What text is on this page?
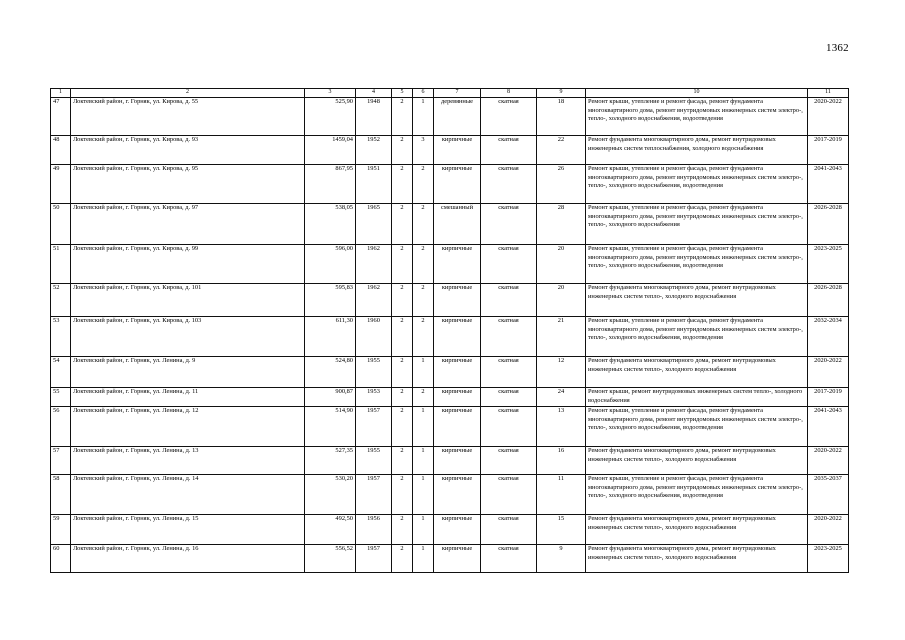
1362
1	2	3	4	5	6	7	8	9	10	11
47	Локтевский район, г. Горняк, ул. Кирова, д. 55	525,90	1948	2	1	деревянные	скатная	18	Ремонт крыши, утепление и ремонт фасада, ремонт фундамента многоквартирного дома, ремонт внутридомовых инженерных систем электро-, тепло-, холодного водоснабжения, водоотведения	2020-2022
48	Локтевский район, г. Горняк, ул. Кирова, д. 93	1459,04	1952	2	3	кирпичные	скатная	22	Ремонт фундамента многоквартирного дома, ремонт внутридомовых инженерных систем теплоснабжения, холодного водоснабжения	2017-2019
49	Локтевский район, г. Горняк, ул. Кирова, д. 95	867,95	1951	2	2	кирпичные	скатная	26	Ремонт крыши, утепление и ремонт фасада, ремонт фундамента многоквартирного дома, ремонт внутридомовых инженерных систем электро-, тепло-, холодного водоснабжения, водоотведения	2041-2043
50	Локтевский район, г. Горняк, ул. Кирова, д. 97	538,05	1965	2	2	смешанный	скатная	28	Ремонт крыши, утепление и ремонт фасада, ремонт фундамента многоквартирного дома, ремонт внутридомовых инженерных систем электро-, тепло-, холодного водоснабжения	2026-2028
51	Локтевский район, г. Горняк, ул. Кирова, д. 99	596,00	1962	2	2	кирпичные	скатная	20	Ремонт крыши, утепление и ремонт фасада, ремонт фундамента многоквартирного дома, ремонт внутридомовых инженерных систем электро-, тепло-, холодного водоснабжения, водоотведения	2023-2025
52	Локтевский район, г. Горняк, ул. Кирова, д. 101	595,83	1962	2	2	кирпичные	скатная	20	Ремонт фундамента многоквартирного дома, ремонт внутридомовых инженерных систем тепло-, холодного водоснабжения	2026-2028
53	Локтевский район, г. Горняк, ул. Кирова, д. 103	611,30	1960	2	2	кирпичные	скатная	21	Ремонт крыши, утепление и ремонт фасада, ремонт фундамента многоквартирного дома, ремонт внутридомовых инженерных систем электро-, тепло-, холодного водоснабжения, водоотведения	2032-2034
54	Локтевский район, г. Горняк, ул. Ленина, д. 9	524,80	1955	2	1	кирпичные	скатная	12	Ремонт фундамента многоквартирного дома, ремонт внутридомовых инженерных систем тепло-, холодного водоснабжения	2020-2022
55	Локтевский район, г. Горняк, ул. Ленина, д. 11	900,87	1953	2	2	кирпичные	скатная	24	Ремонт крыши, ремонт внутридомовых инженерных систем тепло-, холодного водоснабжения	2017-2019
56	Локтевский район, г. Горняк, ул. Ленина, д. 12	514,90	1957	2	1	кирпичные	скатная	13	Ремонт крыши, утепление и ремонт фасада, ремонт фундамента многоквартирного дома, ремонт внутридомовых инженерных систем электро-, тепло-, холодного водоснабжения, водоотведения	2041-2043
57	Локтевский район, г. Горняк, ул. Ленина, д. 13	527,35	1955	2	1	кирпичные	скатная	16	Ремонт фундамента многоквартирного дома, ремонт внутридомовых инженерных систем тепло-, холодного водоснабжения	2020-2022
58	Локтевский район, г. Горняк, ул. Ленина, д. 14	530,20	1957	2	1	кирпичные	скатная	11	Ремонт крыши, утепление и ремонт фасада, ремонт фундамента многоквартирного дома, ремонт внутридомовых инженерных систем электро-, тепло-, холодного водоснабжения, водоотведения	2035-2037
59	Локтевский район, г. Горняк, ул. Ленина, д. 15	492,50	1956	2	1	кирпичные	скатная	15	Ремонт фундамента многоквартирного дома, ремонт внутридомовых инженерных систем тепло-, холодного водоснабжения	2020-2022
60	Локтевский район, г. Горняк, ул. Ленина, д. 16	556,52	1957	2	1	кирпичные	скатная	9	Ремонт фундамента многоквартирного дома, ремонт внутридомовых инженерных систем тепло-, холодного водоснабжения	2023-2025
